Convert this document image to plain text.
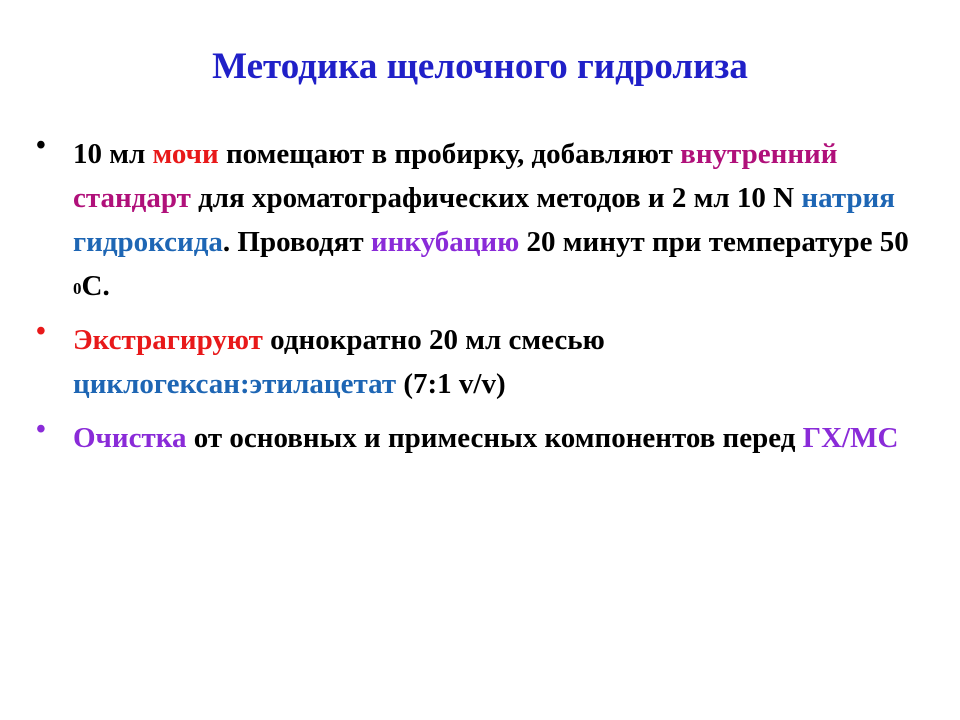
Методика щелочного гидролиза
• 10 мл мочи помещают в пробирку, добавляют внутренний стандарт для хроматографических методов и 2 мл 10 N натрия гидроксида. Проводят инкубацию 20 минут при температуре 50 $^0$С.
• Экстрагируют однократно 20 мл смесью циклогексан:этилацетат (7:1 v/v)
• Очистка от основных и примесных компонентов перед ГХ/МС
